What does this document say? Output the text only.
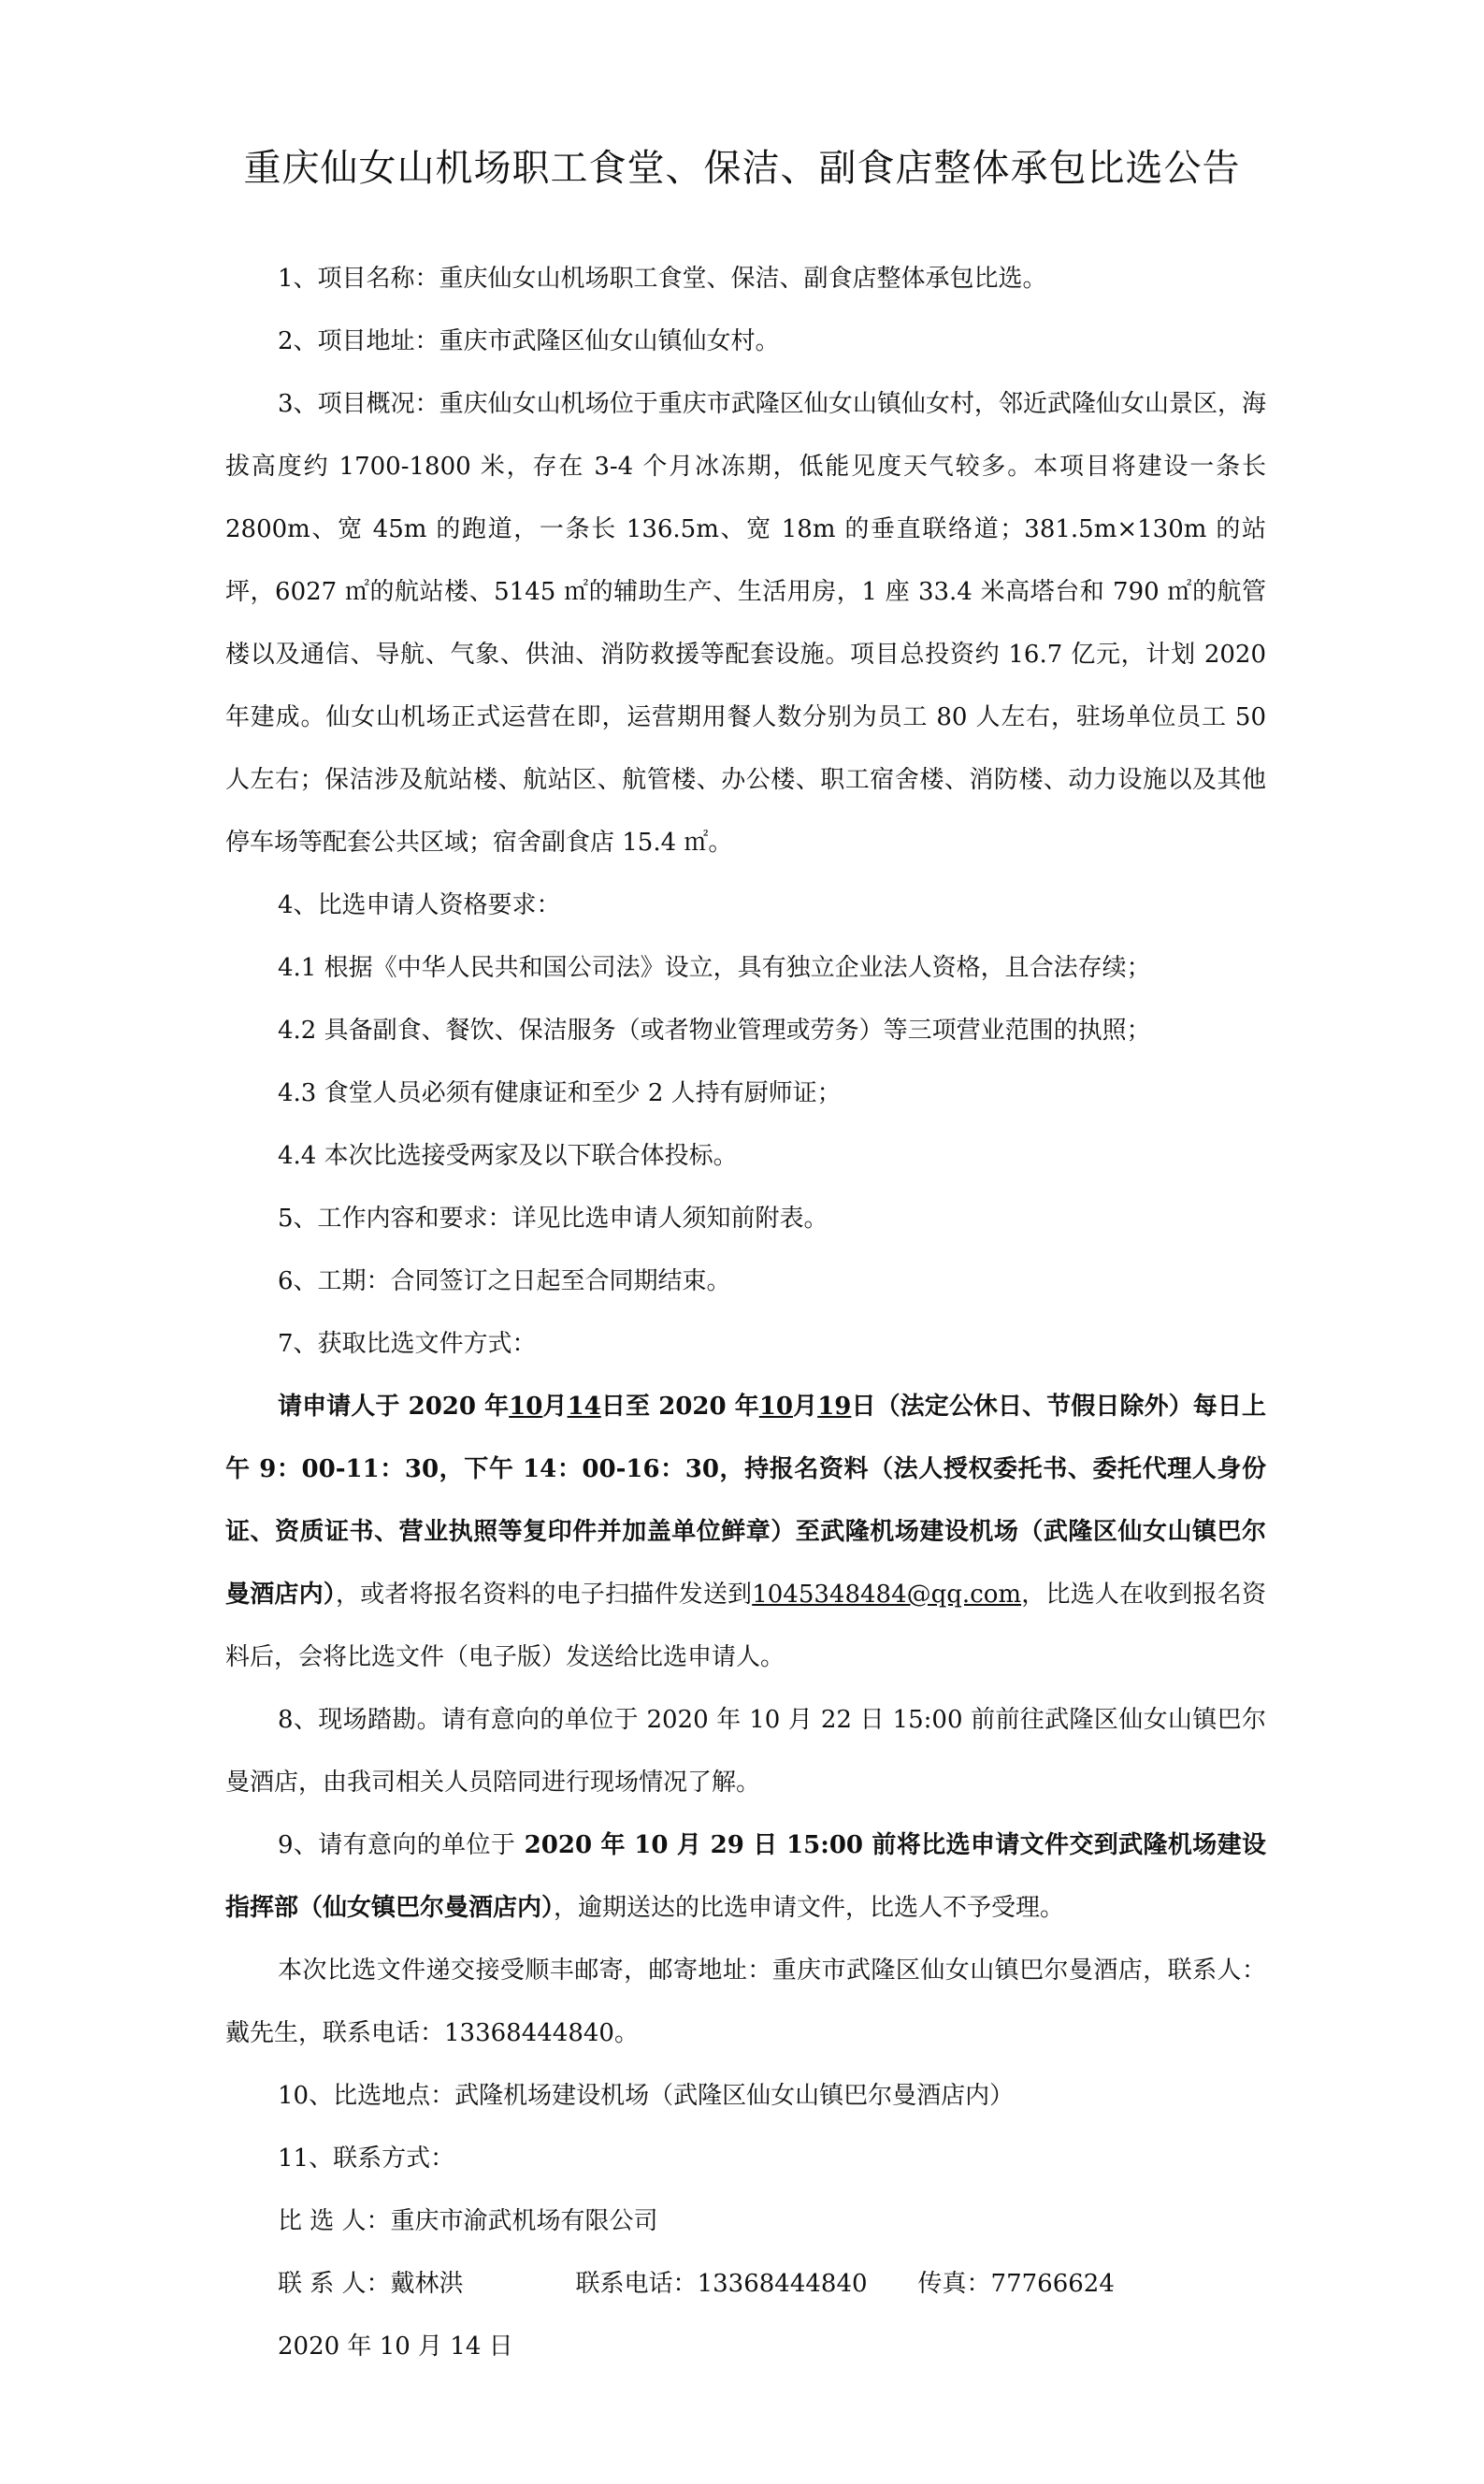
重庆仙女山机场职工食堂、保洁、副食店整体承包比选公告

1、项目名称：重庆仙女山机场职工食堂、保洁、副食店整体承包比选。

2、项目地址：重庆市武隆区仙女山镇仙女村。

3、项目概况：重庆仙女山机场位于重庆市武隆区仙女山镇仙女村，邻近武隆仙女山景区，海拔高度约 1700-1800 米，存在 3-4 个月冰冻期，低能见度天气较多。本项目将建设一条长 2800m、宽 45m 的跑道，一条长 136.5m、宽 18m 的垂直联络道；381.5m×130m 的站坪，6027 ㎡的航站楼、5145 ㎡的辅助生产、生活用房，1 座 33.4 米高塔台和 790 ㎡的航管楼以及通信、导航、气象、供油、消防救援等配套设施。项目总投资约 16.7 亿元，计划 2020 年建成。仙女山机场正式运营在即，运营期用餐人数分别为员工 80 人左右，驻场单位员工 50 人左右；保洁涉及航站楼、航站区、航管楼、办公楼、职工宿舍楼、消防楼、动力设施以及其他停车场等配套公共区域；宿舍副食店 15.4 ㎡。

4、比选申请人资格要求：

4.1 根据《中华人民共和国公司法》设立，具有独立企业法人资格，且合法存续；

4.2 具备副食、餐饮、保洁服务（或者物业管理或劳务）等三项营业范围的执照；

4.3 食堂人员必须有健康证和至少 2 人持有厨师证；

4.4 本次比选接受两家及以下联合体投标。

5、工作内容和要求：详见比选申请人须知前附表。

6、工期：合同签订之日起至合同期结束。

7、获取比选文件方式：

请申请人于 2020 年10月14日至 2020 年10月19日（法定公休日、节假日除外）每日上午 9：00-11：30，下午 14：00-16：30，持报名资料（法人授权委托书、委托代理人身份证、资质证书、营业执照等复印件并加盖单位鲜章）至武隆机场建设机场（武隆区仙女山镇巴尔曼酒店内），或者将报名资料的电子扫描件发送到1045348484@qq.com，比选人在收到报名资料后，会将比选文件（电子版）发送给比选申请人。

8、现场踏勘。请有意向的单位于 2020 年 10 月 22 日 15:00 前前往武隆区仙女山镇巴尔曼酒店，由我司相关人员陪同进行现场情况了解。

9、请有意向的单位于 2020 年 10 月 29 日 15:00 前将比选申请文件交到武隆机场建设指挥部（仙女镇巴尔曼酒店内），逾期送达的比选申请文件，比选人不予受理。

本次比选文件递交接受顺丰邮寄，邮寄地址：重庆市武隆区仙女山镇巴尔曼酒店，联系人：戴先生，联系电话：13368444840。

10、比选地点：武隆机场建设机场（武隆区仙女山镇巴尔曼酒店内）

11、联系方式：

比 选 人：重庆市渝武机场有限公司

联 系 人：戴林洪	联系电话：13368444840 传真：77766624

2020 年 10 月 14 日
